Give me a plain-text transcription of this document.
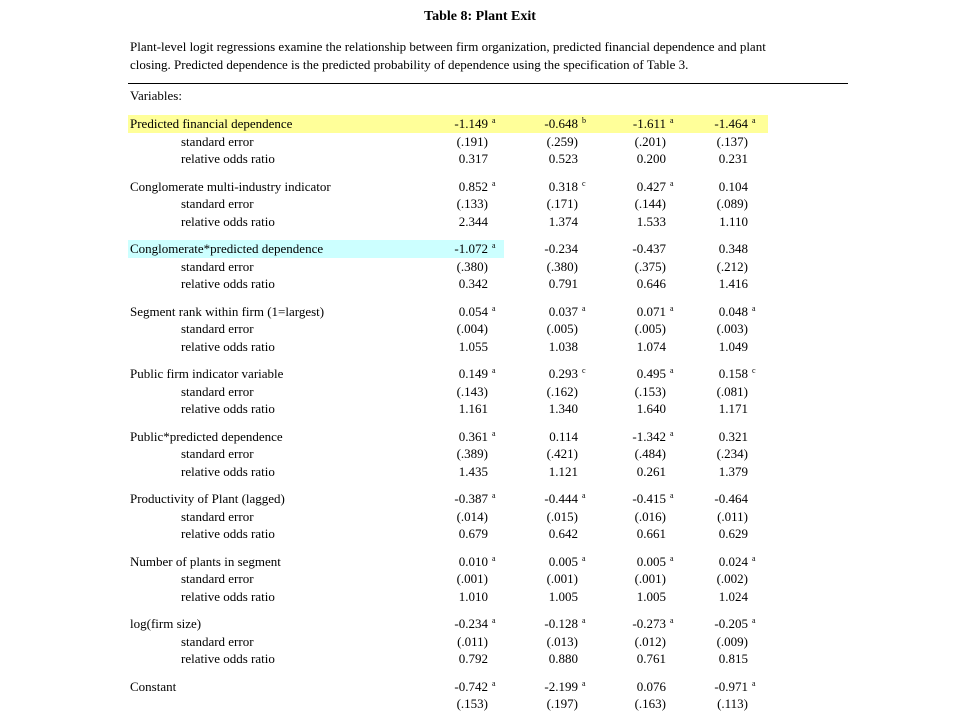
Table 8: Plant Exit
Plant-level logit regressions examine the relationship between firm organization, predicted financial dependence and plant
closing. Predicted dependence is the predicted probability of dependence using the specification of Table 3.
Variables:
Predicted financial dependence	-1.149 a	-0.648 b	-1.611 a	-1.464 a
standard error	(.191)	(.259)	(.201)	(.137)
relative odds ratio	0.317	0.523	0.200	0.231
Conglomerate multi-industry indicator	0.852 a	0.318 c	0.427 a	0.104
standard error	(.133)	(.171)	(.144)	(.089)
relative odds ratio	2.344	1.374	1.533	1.110
Conglomerate*predicted dependence	-1.072 a	-0.234	-0.437	0.348
standard error	(.380)	(.380)	(.375)	(.212)
relative odds ratio	0.342	0.791	0.646	1.416
Segment rank within firm (1=largest)	0.054 a	0.037 a	0.071 a	0.048 a
standard error	(.004)	(.005)	(.005)	(.003)
relative odds ratio	1.055	1.038	1.074	1.049
Public firm indicator variable	0.149 a	0.293 c	0.495 a	0.158 c
standard error	(.143)	(.162)	(.153)	(.081)
relative odds ratio	1.161	1.340	1.640	1.171
Public*predicted dependence	0.361 a	0.114	-1.342 a	0.321
standard error	(.389)	(.421)	(.484)	(.234)
relative odds ratio	1.435	1.121	0.261	1.379
Productivity of Plant (lagged)	-0.387 a	-0.444 a	-0.415 a	-0.464
standard error	(.014)	(.015)	(.016)	(.011)
relative odds ratio	0.679	0.642	0.661	0.629
Number of plants in segment	0.010 a	0.005 a	0.005 a	0.024 a
standard error	(.001)	(.001)	(.001)	(.002)
relative odds ratio	1.010	1.005	1.005	1.024
log(firm size)	-0.234 a	-0.128 a	-0.273 a	-0.205 a
standard error	(.011)	(.013)	(.012)	(.009)
relative odds ratio	0.792	0.880	0.761	0.815
Constant	-0.742 a	-2.199 a	0.076	-0.971 a
(.153)	(.197)	(.163)	(.113)
